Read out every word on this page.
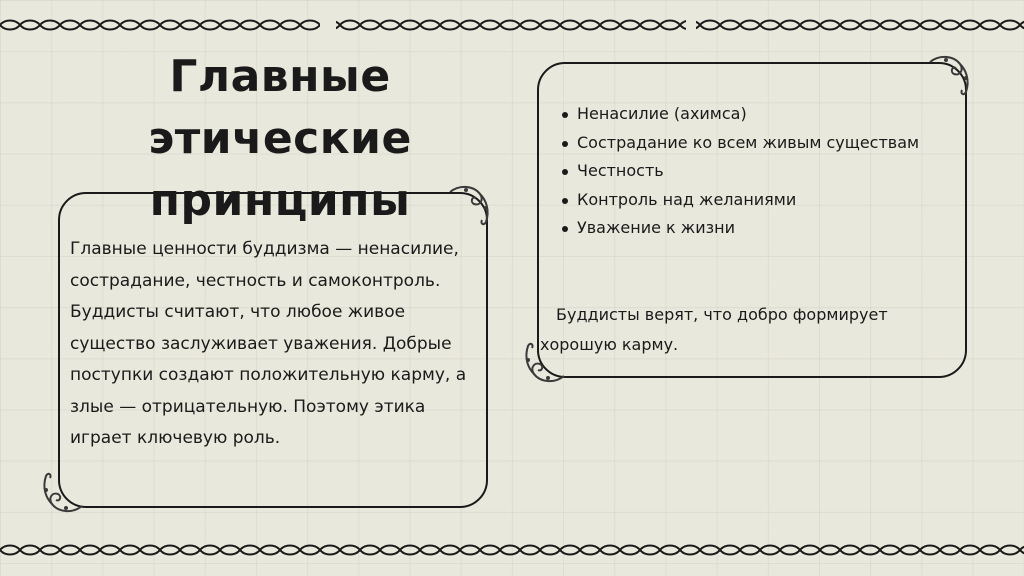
Главные этические принципы

Главные ценности буддизма — ненасилие, сострадание, честность и самоконтроль. Буддисты считают, что любое живое существо заслуживает уважения. Добрые поступки создают положительную карму, а злые — отрицательную. Поэтому этика играет ключевую роль.

Ненасилие (ахимса)
Сострадание ко всем живым существам
Честность
Контроль над желаниями
Уважение к жизни

Буддисты верят, что добро формирует хорошую карму.
